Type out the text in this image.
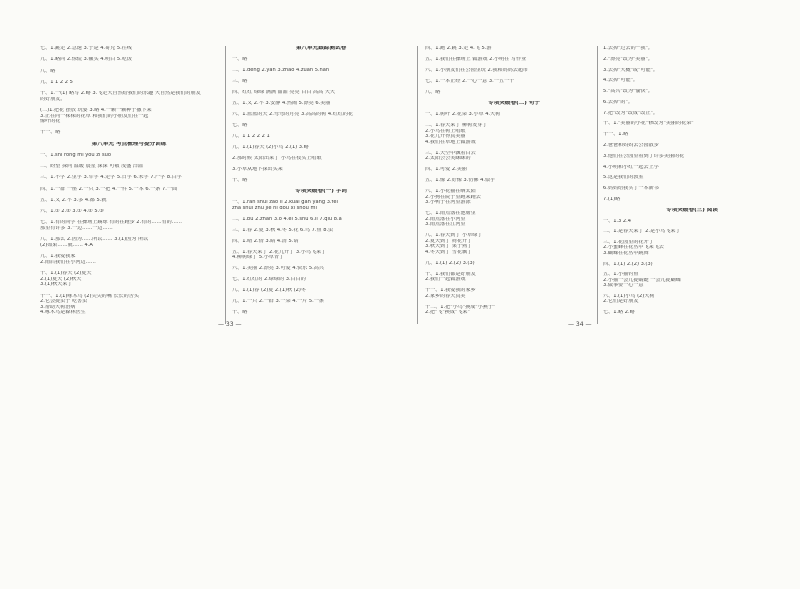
七、1.跳走 2.急速 3.子是 4.哥兄 5.往线
九、1.略同 2.惊慌 3.额头 4.明白 5.吃饭
八、略
九、1 1 2 2 5
十、1.一(1) 略写 2.略 3.飞走大自然给我们的乐趣 大自然是我们的朋友
的好朋友。
(二)1.把花 摆放 玩耍 3.略 4.一颗一颗种子撒下来
3.正在向一株株的花草 和我们的小朋友们在一起
像叶的花
十一、略
第八单元 考点梳理与提分训练
一、1.shì rǒng mí yōu zǐ suō
二、盼望 探问 温暖 晨星 深深 可敬 茂盛 洋溢
三、1.不字 2.里字 3.车字 4.走字 5.日字 6.禾字 7.尸字 8.白字
四、1.一群 一座 2.一只 3.一把 4.一件 5.一本 6.一条 7.一面
五、1.又 2.不 3.多 4.都 5.就
六、1.① 2.② 3.① 4.② 5.③
七、1.有的同学 在操场上踢球 有的在跑步 2.有的……有的……
那里有许多 3.一边……一边……
八、1.那么 2.因为……所以…… 3.(1)因为 所以
(2)如果……就…… 4.A
九、1.我爱我家
2.雨后我们在小河边……
十、1.(1)春天 (2)夏天
2.(1)夏天 (2)秋天
3.(1)秋天来了
十一、1.(1)啄木鸟 (2)尖尖的嘴 长长的舌头
2.它会捉虫子 吃害虫
3.帮助大树治病
4.啄木鸟是森林医生
第八单元跟踪测试卷
一、略
二、1.dēng 2.yǎn 3.zhǎo 4.zuàn 5.nán
三、略
四、红红 绿绿 满满 甜甜 亮亮 白白 高高 大大
五、1.又 2.不 3.安静 4.热闹 5.漂亮 6.美丽
六、1.蓝蓝的天 2.弯弯的月亮 3.高高的树 4.红红的花
七、略
八、1 1 2 2 2 1
九、1.(1)春天 (2)小鸟 2.(1) 3.略
2.那时候 太阳出来了 小鸟在枝头上唱歌
3.小草从地下探出头来
十、略
专项突破卷(一) 字词
一、1.rán shuǐ zǎo lǐ 2.kuài gǎn yáng 3.fěi
zhǎ shuǐ zhú jiē nǐ dòu xī shǒu mǐ
二、1.bù 2.zhǎn 3.ō 4.ěi 5.shǔ 6.lì 7.qiú 8.ā
三、1.春 2.夏 3.秋 4.冬 5.花 6.鸟 7.鱼 8.虫
四、1.晴 2.情 3.睛 4.清 5.请
五、1.春天来了 2.花儿开了 3.小鸟飞来了
4.柳树绿了 5.小草青了
六、1.美丽 2.漂亮 3.可爱 4.快乐 5.高兴
七、1.红红的 2.绿绿的 3.白白的
八、1.(1)春 (2)夏 2.(1)秋 (2)冬
九、1.一只 2.一群 3.一朵 4.一片 5.一条
十、略
四、1.跑 2.跳 3.走 4.飞 5.游
五、1.我们在操场上 做游戏 2.小明在 写作业
六、1.小朋友们在公园里玩 2.我和妈妈去超市
七、1.一本正经 2.一心一意 3.一五一十
八、略
专项突破卷(二) 句子
一、1.树叶 2.花朵 3.小草 4.大树
二、1.春天来了 柳树发芽了
2.小鸟在树上唱歌
3.花儿开得真美丽
4.我们在草地上做游戏
三、1.天空中飘着白云
2.太阳公公笑眯眯的
四、1.可爱 2.美丽
五、1.像 2.好像 3.仿佛 4.似乎
六、1.小花猫在晒太阳
2.小狗在院子里跑来跑去
3.小鸭子在河里游泳
七、1.雨点落在池塘里
2.雨点落在小河里
3.雨点落在江河里
八、1.春天到了 小草绿了
2.夏天到了 荷花开了
3.秋天到了 果子熟了
4.冬天到了 雪花飘了
九、1.(1) 2.(2) 3.(3)
十、1.我们都是好朋友
2.我们一起做游戏
十一、1.我爱我的家乡
2.家乡的春天真美
十二、1.把"小鸟"换成"小燕子"
2.把"飞"换成"飞来"
1.去掉"过去的""我"。
2."漂亮"改为"美丽"。
3.去掉"大概"或"可能"。
4.去掉"可能"。
5."高兴"改为"愉快"。
6.去掉"的"。
7.把"改为"改成"改正"。
十、1."美丽的小花"修改为"美丽的花朵"
十一、1.略
2.爸爸和妈妈去公园散步
3.他们在公园里看到了许多美丽的花
4.小明和小红一起去上学
5.这是我们的教室
6.妈妈给我买了一本新书
7.(1)略
专项突破卷(三) 阅读
一、1.3 2.4
二、1.是春天来了 2.是小鸟飞来了
三、1.花园里的花开了
2.小蜜蜂在花丛中飞来飞去
3.蝴蝶在花丛中跳舞
四、1.(1) 2.(2) 3.(3)
五、1.小猫钓鱼
2.小猫一会儿捉蜻蜓 一会儿捉蝴蝶
3.做事要一心一意
六、1.(1)小鸟 (2)大树
2.它们是好朋友
七、1.略 2.略
— 33 —	— 34 —
